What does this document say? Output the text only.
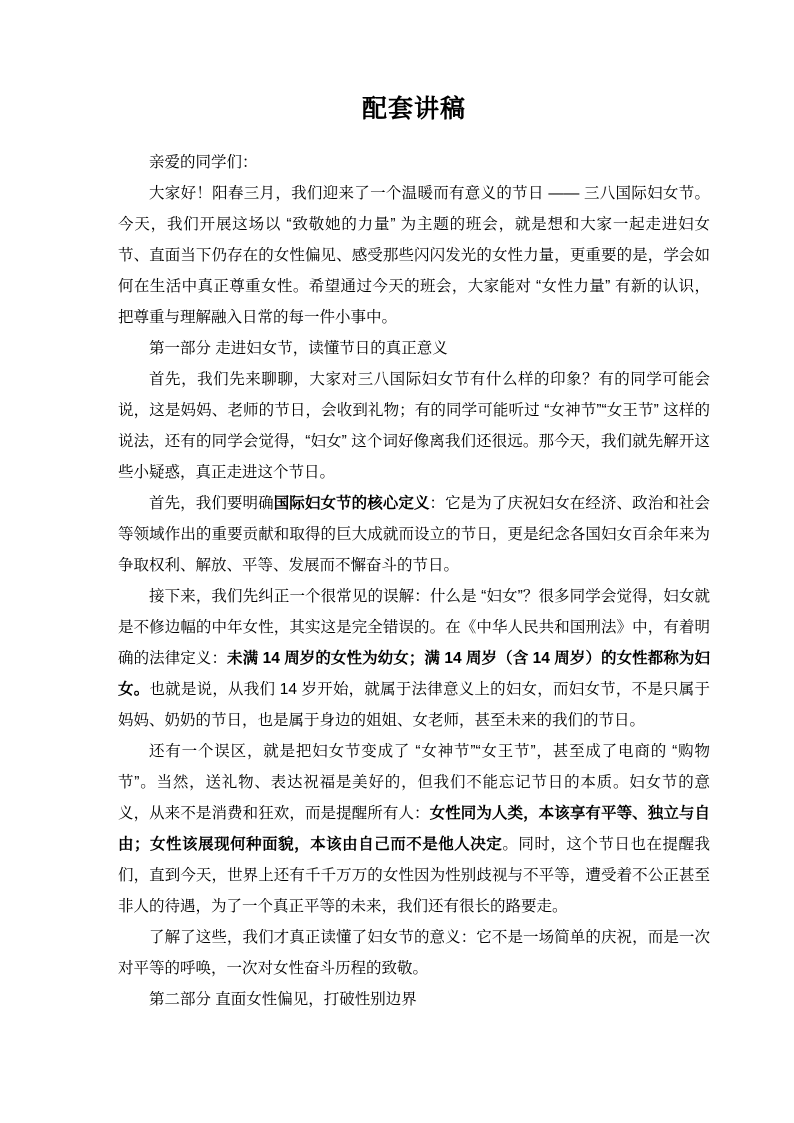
配套讲稿

亲爱的同学们：

大家好！阳春三月，我们迎来了一个温暖而有意义的节日 —— 三八国际妇女节。今天，我们开展这场以 “致敬她的力量” 为主题的班会，就是想和大家一起走进妇女节、直面当下仍存在的女性偏见、感受那些闪闪发光的女性力量，更重要的是，学会如何在生活中真正尊重女性。希望通过今天的班会，大家能对 “女性力量” 有新的认识，把尊重与理解融入日常的每一件小事中。

第一部分 走进妇女节，读懂节日的真正意义

首先，我们先来聊聊，大家对三八国际妇女节有什么样的印象？有的同学可能会说，这是妈妈、老师的节日，会收到礼物；有的同学可能听过 “女神节”“女王节” 这样的说法，还有的同学会觉得，“妇女” 这个词好像离我们还很远。那今天，我们就先解开这些小疑惑，真正走进这个节日。

首先，我们要明确国际妇女节的核心定义：它是为了庆祝妇女在经济、政治和社会等领域作出的重要贡献和取得的巨大成就而设立的节日，更是纪念各国妇女百余年来为争取权利、解放、平等、发展而不懈奋斗的节日。

接下来，我们先纠正一个很常见的误解：什么是 “妇女”？很多同学会觉得，妇女就是不修边幅的中年女性，其实这是完全错误的。在《中华人民共和国刑法》中，有着明确的法律定义：未满 14 周岁的女性为幼女；满 14 周岁（含 14 周岁）的女性都称为妇女。也就是说，从我们 14 岁开始，就属于法律意义上的妇女，而妇女节，不是只属于妈妈、奶奶的节日，也是属于身边的姐姐、女老师，甚至未来的我们的节日。

还有一个误区，就是把妇女节变成了 “女神节”“女王节”，甚至成了电商的 “购物节”。当然，送礼物、表达祝福是美好的，但我们不能忘记节日的本质。妇女节的意义，从来不是消费和狂欢，而是提醒所有人：女性同为人类，本该享有平等、独立与自由；女性该展现何种面貌，本该由自己而不是他人决定。同时，这个节日也在提醒我们，直到今天，世界上还有千千万万的女性因为性别歧视与不平等，遭受着不公正甚至非人的待遇，为了一个真正平等的未来，我们还有很长的路要走。

了解了这些，我们才真正读懂了妇女节的意义：它不是一场简单的庆祝，而是一次对平等的呼唤，一次对女性奋斗历程的致敬。

第二部分 直面女性偏见，打破性别边界
